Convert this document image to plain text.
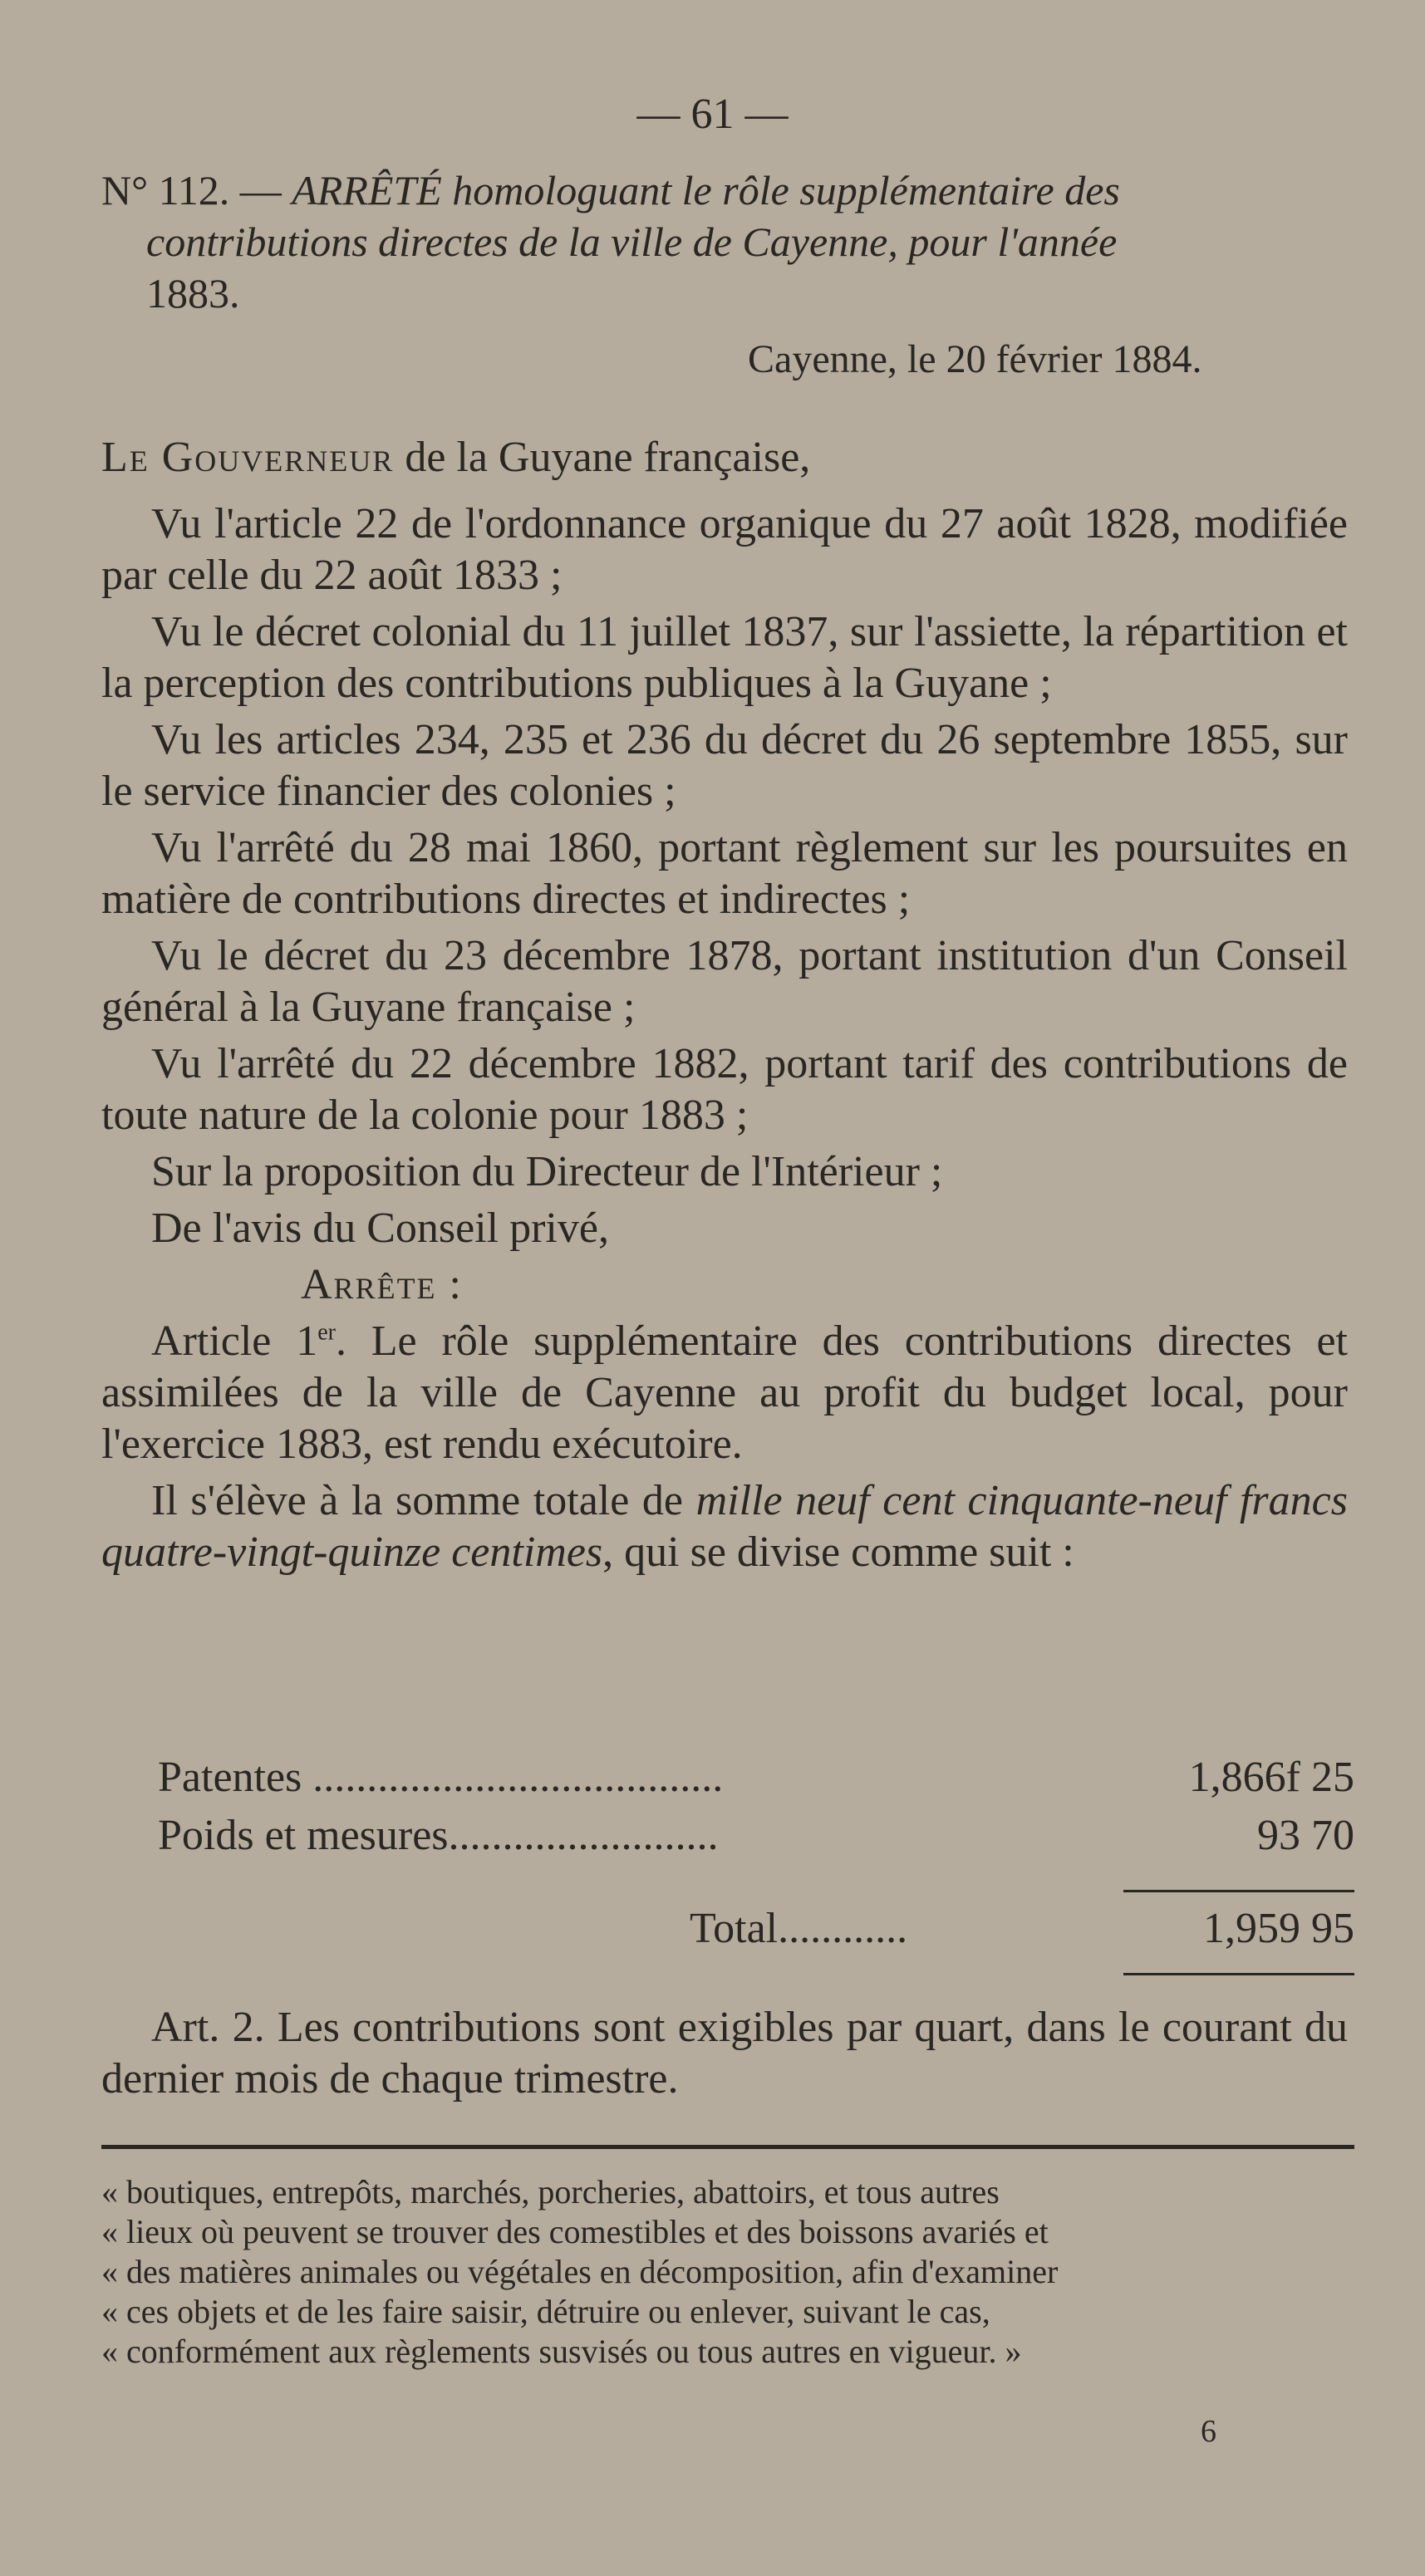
— 61 —
N° 112. — ARRÊTÉ homologuant le rôle supplémentaire des
contributions directes de la ville de Cayenne, pour l'année
1883.
Cayenne, le 20 février 1884.

Le Gouverneur de la Guyane française,

Vu l'article 22 de l'ordonnance organique du 27 août 1828, modifiée par celle du 22 août 1833 ;

Vu le décret colonial du 11 juillet 1837, sur l'assiette, la répartition et la perception des contributions publiques à la Guyane ;

Vu les articles 234, 235 et 236 du décret du 26 septembre 1855, sur le service financier des colonies ;

Vu l'arrêté du 28 mai 1860, portant règlement sur les poursuites en matière de contributions directes et indirectes ;

Vu le décret du 23 décembre 1878, portant institution d'un Conseil général à la Guyane française ;

Vu l'arrêté du 22 décembre 1882, portant tarif des contributions de toute nature de la colonie pour 1883 ;

Sur la proposition du Directeur de l'Intérieur ;

De l'avis du Conseil privé,

Arrête :

Article 1er. Le rôle supplémentaire des contributions directes et assimilées de la ville de Cayenne au profit du budget local, pour l'exercice 1883, est rendu exécutoire.

Il s'élève à la somme totale de mille neuf cent cinquante-neuf francs quatre-vingt-quinze centimes, qui se divise comme suit :

Patentes ......................................	1,866f 25
Poids et mesures.........................	93 70
Total............	1,959 95
Art. 2. Les contributions sont exigibles par quart, dans le courant du dernier mois de chaque trimestre.
« boutiques, entrepôts, marchés, porcheries, abattoirs, et tous autres
« lieux où peuvent se trouver des comestibles et des boissons avariés et
« des matières animales ou végétales en décomposition, afin d'examiner
« ces objets et de les faire saisir, détruire ou enlever, suivant le cas,
« conformément aux règlements susvisés ou tous autres en vigueur. »
6
